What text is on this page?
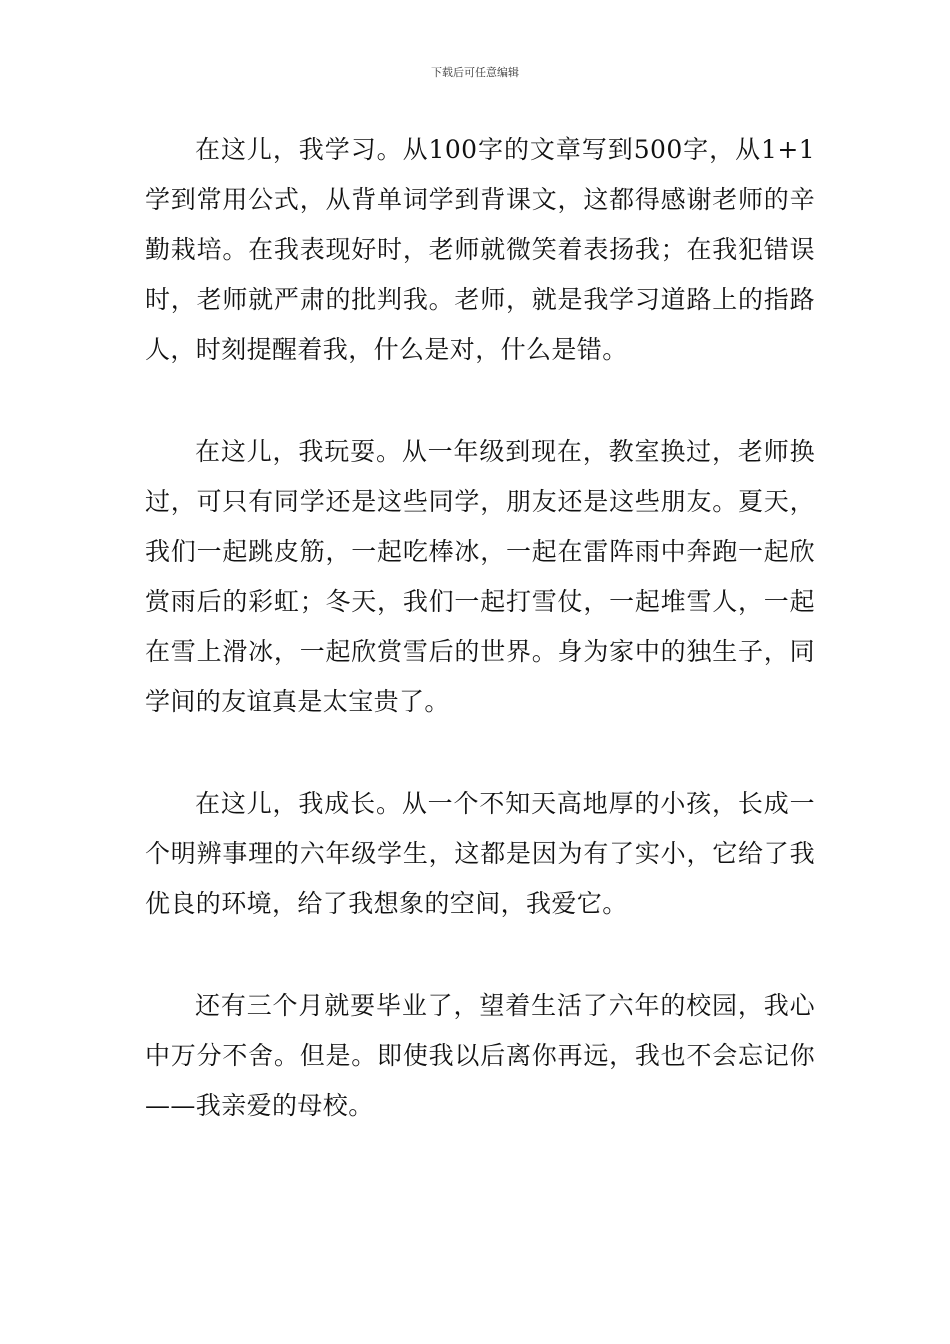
下载后可任意编辑

在这儿，我学习。从100字的文章写到500字，从1+1学到常用公式，从背单词学到背课文，这都得感谢老师的辛勤栽培。在我表现好时，老师就微笑着表扬我；在我犯错误时，老师就严肃的批判我。老师，就是我学习道路上的指路人，时刻提醒着我，什么是对，什么是错。

在这儿，我玩耍。从一年级到现在，教室换过，老师换过，可只有同学还是这些同学，朋友还是这些朋友。夏天，我们一起跳皮筋，一起吃棒冰，一起在雷阵雨中奔跑一起欣赏雨后的彩虹；冬天，我们一起打雪仗，一起堆雪人，一起在雪上滑冰，一起欣赏雪后的世界。身为家中的独生子，同学间的友谊真是太宝贵了。

在这儿，我成长。从一个不知天高地厚的小孩，长成一个明辨事理的六年级学生，这都是因为有了实小，它给了我优良的环境，给了我想象的空间，我爱它。

还有三个月就要毕业了，望着生活了六年的校园，我心中万分不舍。但是。即使我以后离你再远，我也不会忘记你——我亲爱的母校。
